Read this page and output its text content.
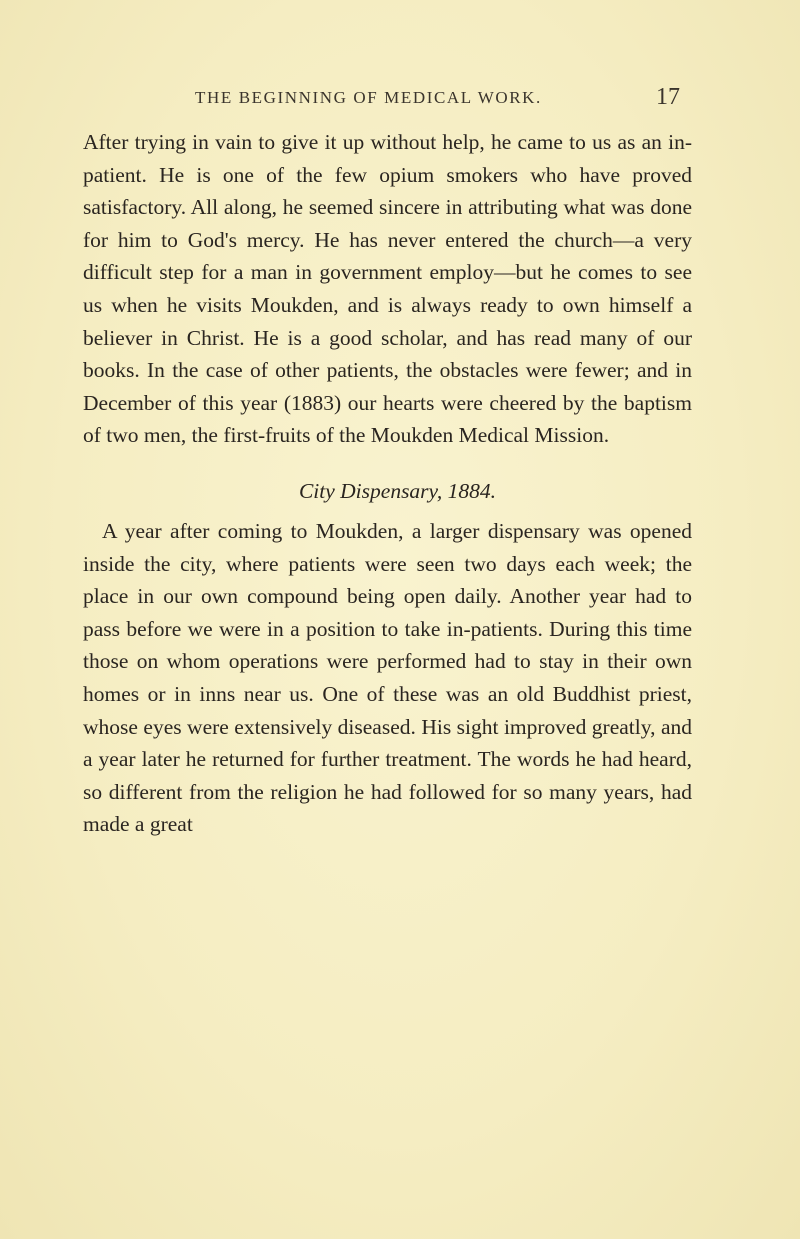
THE BEGINNING OF MEDICAL WORK.	17

After trying in vain to give it up without help, he came to us as an in-patient. He is one of the few opium smokers who have proved satisfactory. All along, he seemed sincere in attributing what was done for him to God's mercy. He has never entered the church—a very difficult step for a man in government employ—but he comes to see us when he visits Moukden, and is always ready to own himself a believer in Christ. He is a good scholar, and has read many of our books. In the case of other patients, the obstacles were fewer; and in December of this year (1883) our hearts were cheered by the baptism of two men, the first-fruits of the Moukden Medical Mission.

City Dispensary, 1884.

A year after coming to Moukden, a larger dispensary was opened inside the city, where patients were seen two days each week; the place in our own compound being open daily. Another year had to pass before we were in a position to take in-patients. During this time those on whom operations were performed had to stay in their own homes or in inns near us. One of these was an old Buddhist priest, whose eyes were extensively diseased. His sight improved greatly, and a year later he returned for further treatment. The words he had heard, so different from the religion he had followed for so many years, had made a great
